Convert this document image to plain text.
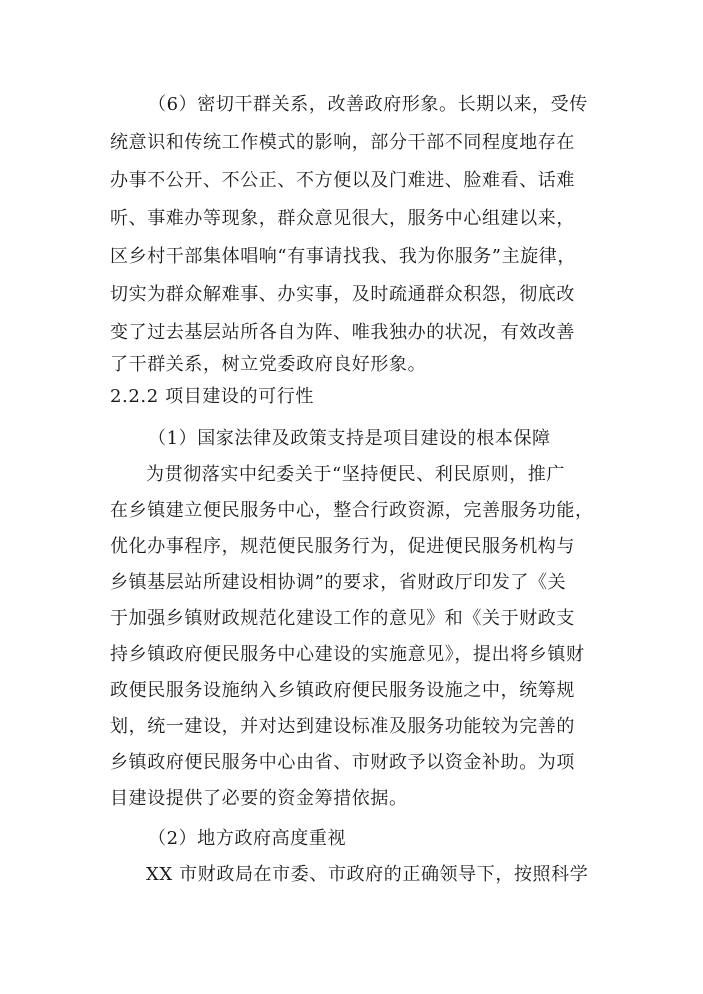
（6）密切干群关系，改善政府形象。长期以来，受传
统意识和传统工作模式的影响，部分干部不同程度地存在
办事不公开、不公正、不方便以及门难进、脸难看、话难
听、事难办等现象，群众意见很大，服务中心组建以来，
区乡村干部集体唱响“有事请找我、我为你服务”主旋律，
切实为群众解难事、办实事，及时疏通群众积怨，彻底改
变了过去基层站所各自为阵、唯我独办的状况，有效改善
了干群关系，树立党委政府良好形象。
2.2.2 项目建设的可行性
（1）国家法律及政策支持是项目建设的根本保障
为贯彻落实中纪委关于“坚持便民、利民原则，推广
在乡镇建立便民服务中心，整合行政资源，完善服务功能，
优化办事程序，规范便民服务行为，促进便民服务机构与
乡镇基层站所建设相协调”的要求，省财政厅印发了《关
于加强乡镇财政规范化建设工作的意见》和《关于财政支
持乡镇政府便民服务中心建设的实施意见》，提出将乡镇财
政便民服务设施纳入乡镇政府便民服务设施之中，统筹规
划，统一建设，并对达到建设标准及服务功能较为完善的
乡镇政府便民服务中心由省、市财政予以资金补助。为项
目建设提供了必要的资金筹措依据。
（2）地方政府高度重视
XX 市财政局在市委、市政府的正确领导下，按照科学
